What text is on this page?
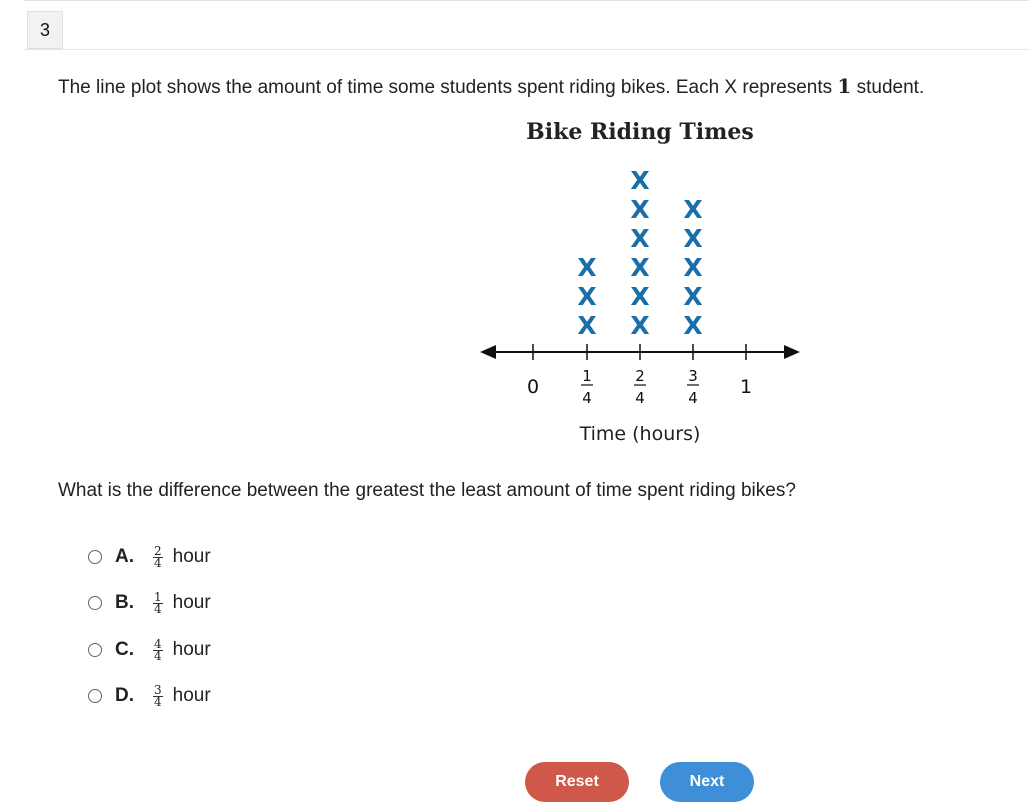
3
The line plot shows the amount of time some students spent riding bikes. Each X represents 1 student.
Bike Riding Times
0	1
4
2
4
3
4 1
X
X
X
X
X
X
X
X
X
X
X
X
X
X
Time (hours)
What is the difference between the greatest the least amount of time spent riding bikes?
A.	$\frac{2}{4}$ hour
B.	$\frac{1}{4}$ hour
C.	$\frac{4}{4}$ hour
D.	$\frac{3}{4}$ hour
Reset	Next
